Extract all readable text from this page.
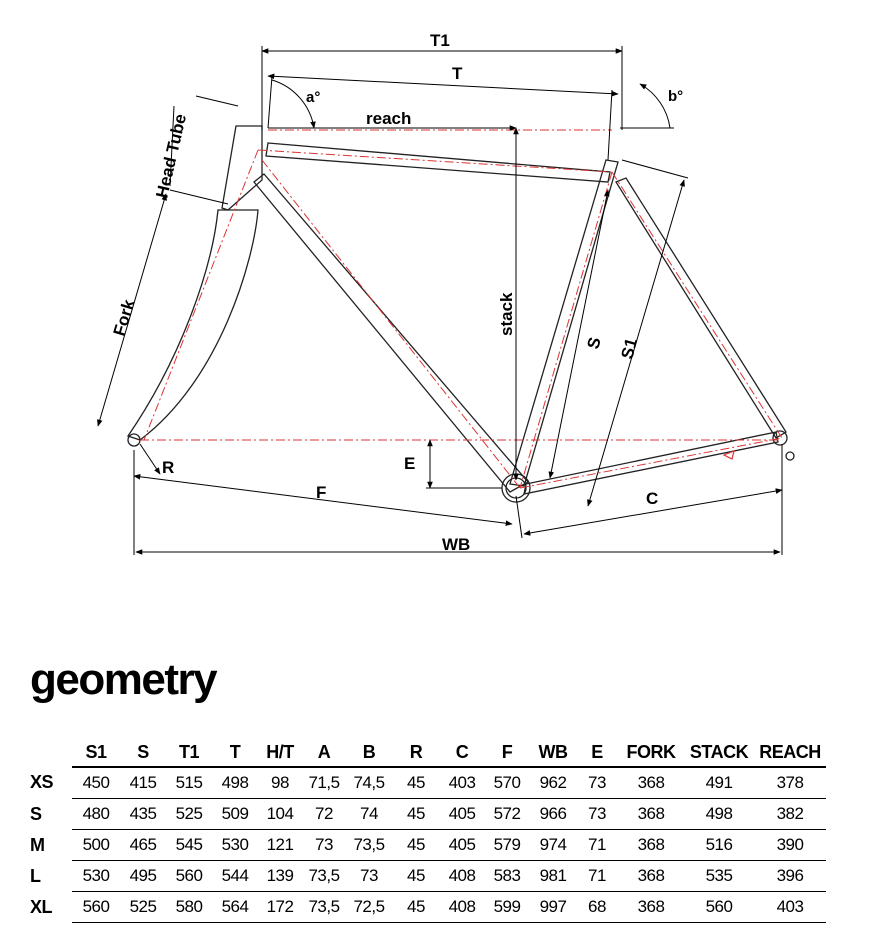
T1
T
a°	b°
reach
Head Tube
Fork	stack
S S1
E
R
F	C
WB
geometry
	S1	S	T1	T	H/T	A	B	R	C	F	WB	E	FORK	STACK	REACH
XS	450	415	515	498	98	71,5	74,5	45	403	570	962	73	368	491	378
S	480	435	525	509	104	72	74	45	405	572	966	73	368	498	382
M	500	465	545	530	121	73	73,5	45	405	579	974	71	368	516	390
L	530	495	560	544	139	73,5	73	45	408	583	981	71	368	535	396
XL	560	525	580	564	172	73,5	72,5	45	408	599	997	68	368	560	403
